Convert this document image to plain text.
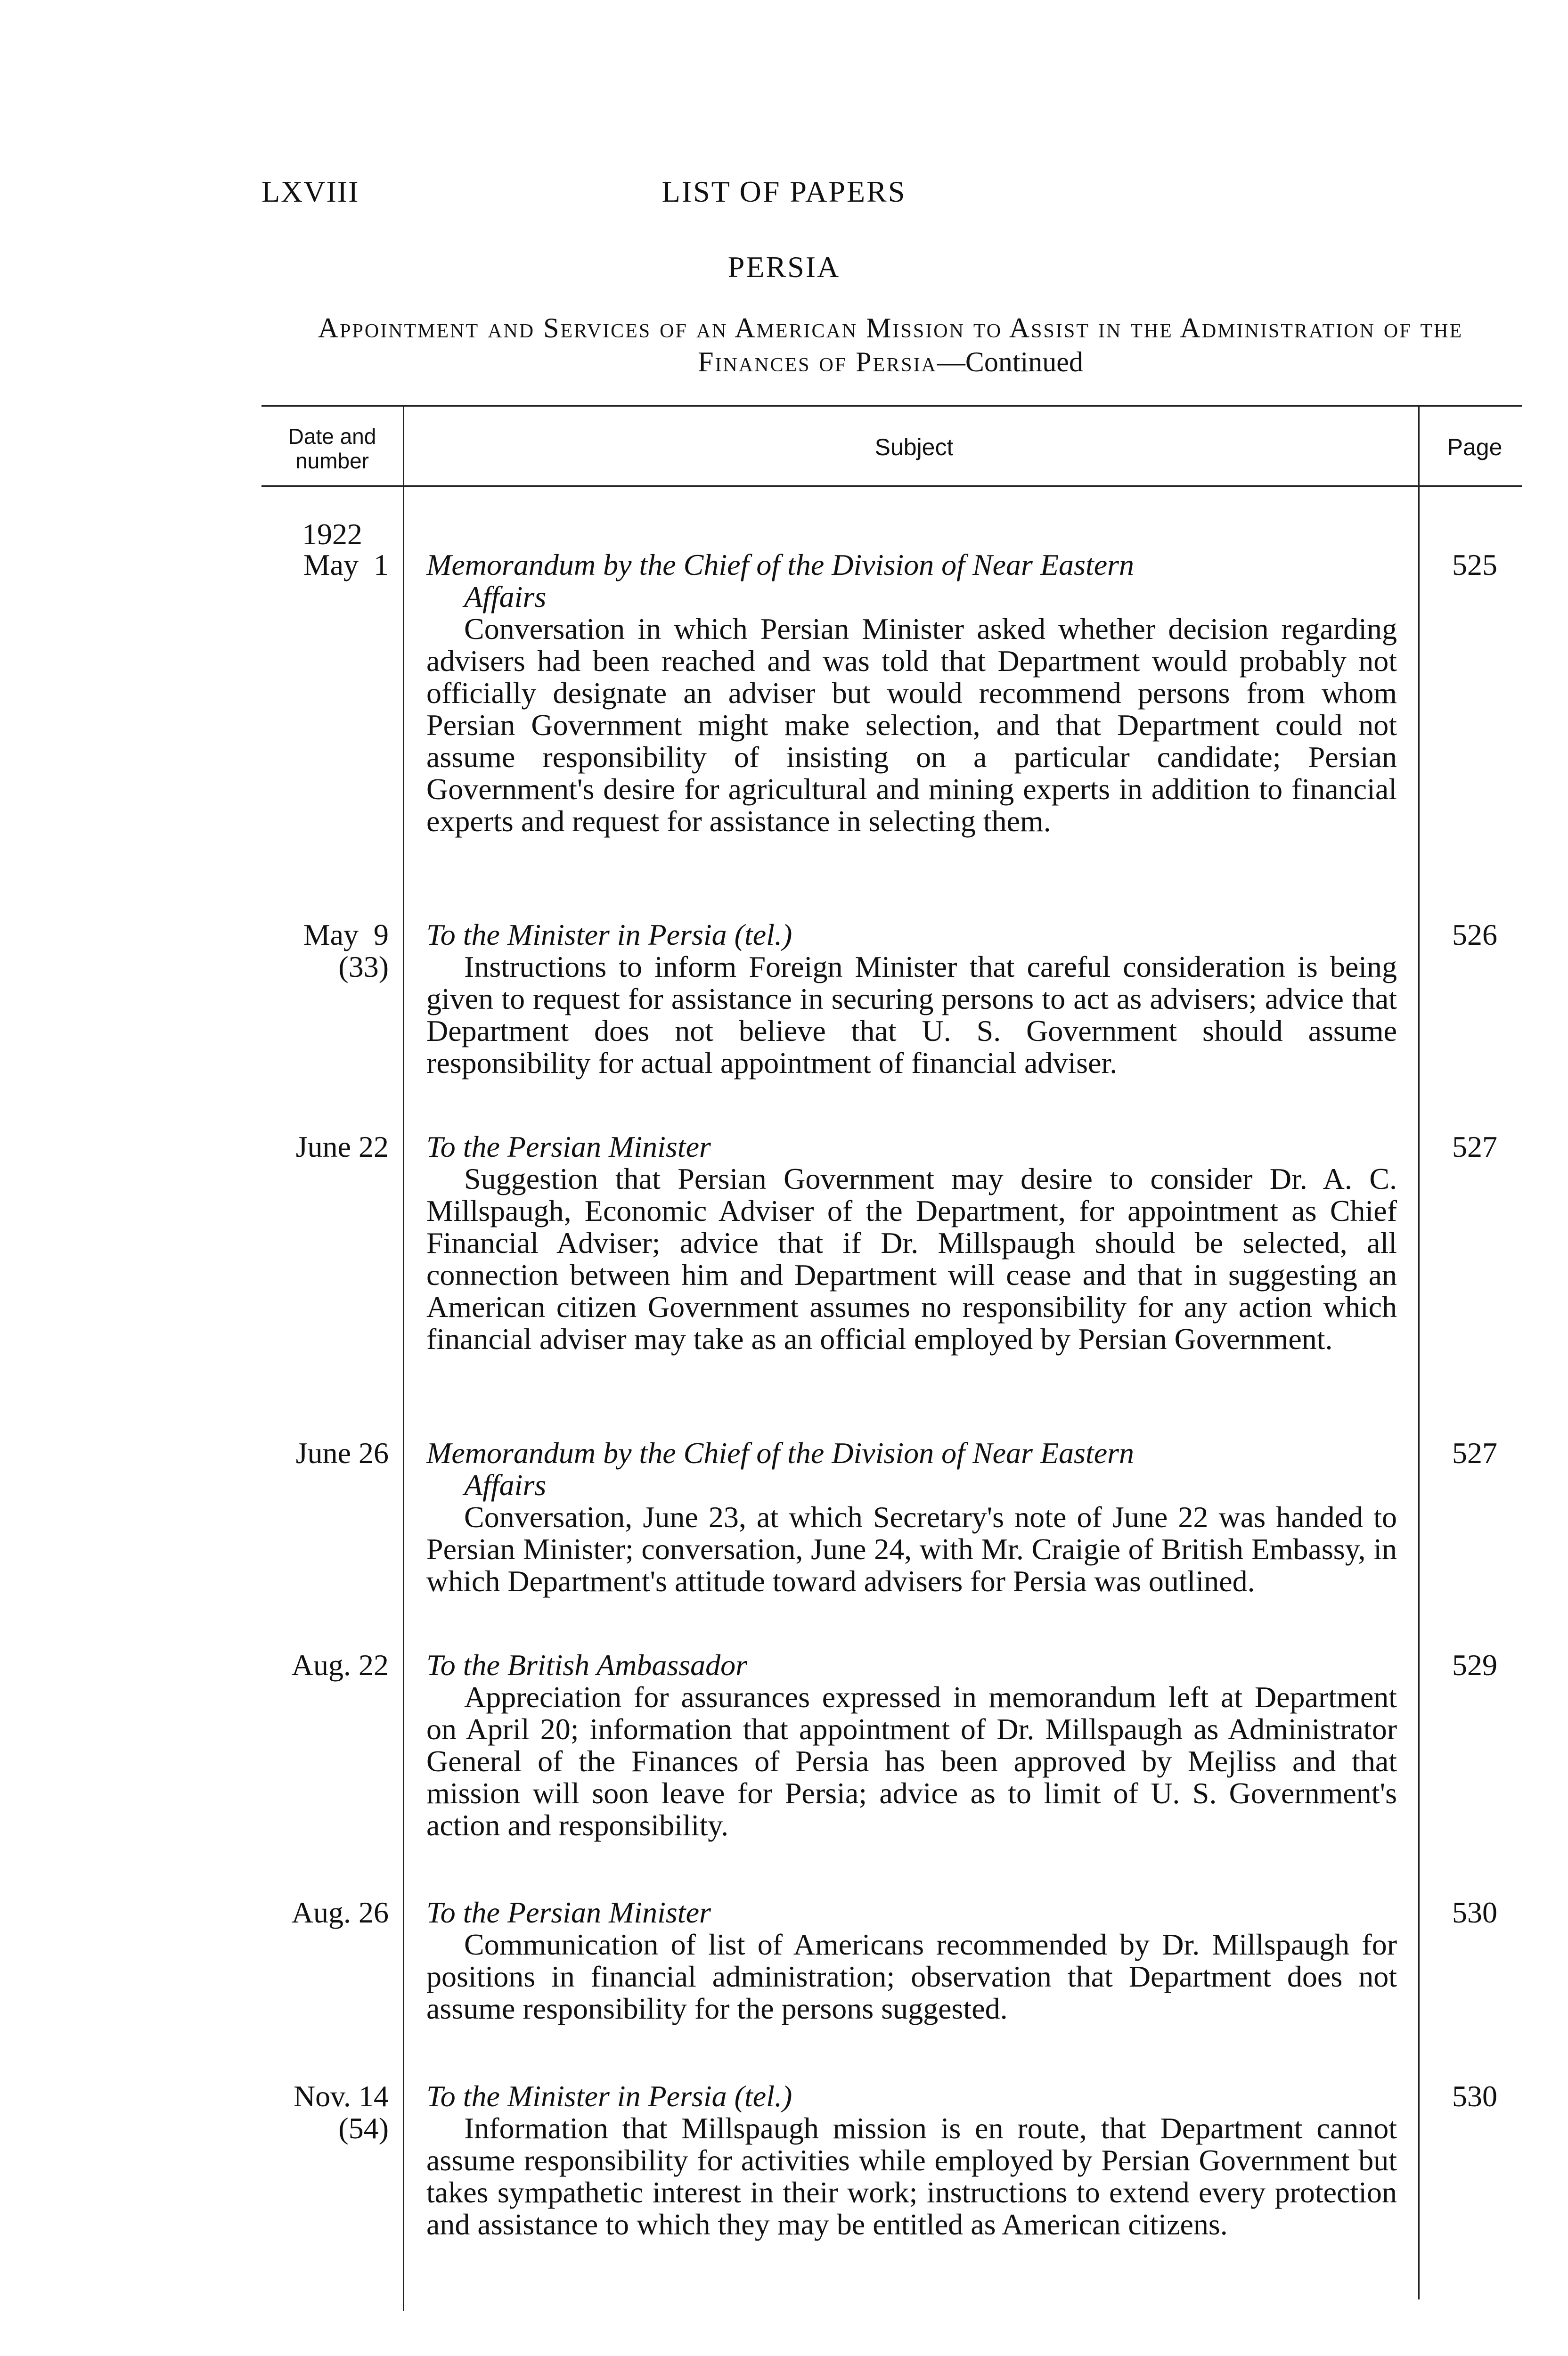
LXVIII	LIST OF PAPERS
PERSIA
Appointment and Services of an American Mission to Assist in the Administration of the Finances of Persia—Continued
Date and number
Subject	Page
1922
May  1 Memorandum by the Chief of the Division of Near Eastern
Affairs
Conversation in which Persian Minister asked whether decision regarding advisers had been reached and was told that Department would probably not officially designate an adviser but would recommend persons from whom Persian Government might make selection, and that Department could not assume responsibility of insisting on a particular candidate; Persian Government's desire for agricultural and mining experts in addition to financial experts and request for assistance in selecting them.
525
May  9
(33)
To the Minister in Persia (tel.)
Instructions to inform Foreign Minister that careful consideration is being given to request for assistance in securing persons to act as advisers; advice that Department does not believe that U. S. Government should assume responsibility for actual appointment of financial adviser.
526
June 22 To the Persian Minister
Suggestion that Persian Government may desire to consider Dr. A. C. Millspaugh, Economic Adviser of the Department, for appointment as Chief Financial Adviser; advice that if Dr. Millspaugh should be selected, all connection between him and Department will cease and that in suggesting an American citizen Government assumes no responsibility for any action which financial adviser may take as an official employed by Persian Government.
527
June 26 Memorandum by the Chief of the Division of Near Eastern
Affairs
Conversation, June 23, at which Secretary's note of June 22 was handed to Persian Minister; conversation, June 24, with Mr. Craigie of British Embassy, in which Department's attitude toward advisers for Persia was outlined.
527
Aug. 22 To the British Ambassador
Appreciation for assurances expressed in memorandum left at Department on April 20; information that appointment of Dr. Millspaugh as Administrator General of the Finances of Persia has been approved by Mejliss and that mission will soon leave for Persia; advice as to limit of U. S. Government's action and responsibility.
529
Aug. 26 To the Persian Minister
Communication of list of Americans recommended by Dr. Millspaugh for positions in financial administration; observation that Department does not assume responsibility for the persons suggested.
530
Nov. 14
(54)
To the Minister in Persia (tel.)
Information that Millspaugh mission is en route, that Department cannot assume responsibility for activities while employed by Persian Government but takes sympathetic interest in their work; instructions to extend every protection and assistance to which they may be entitled as American citizens.
530
